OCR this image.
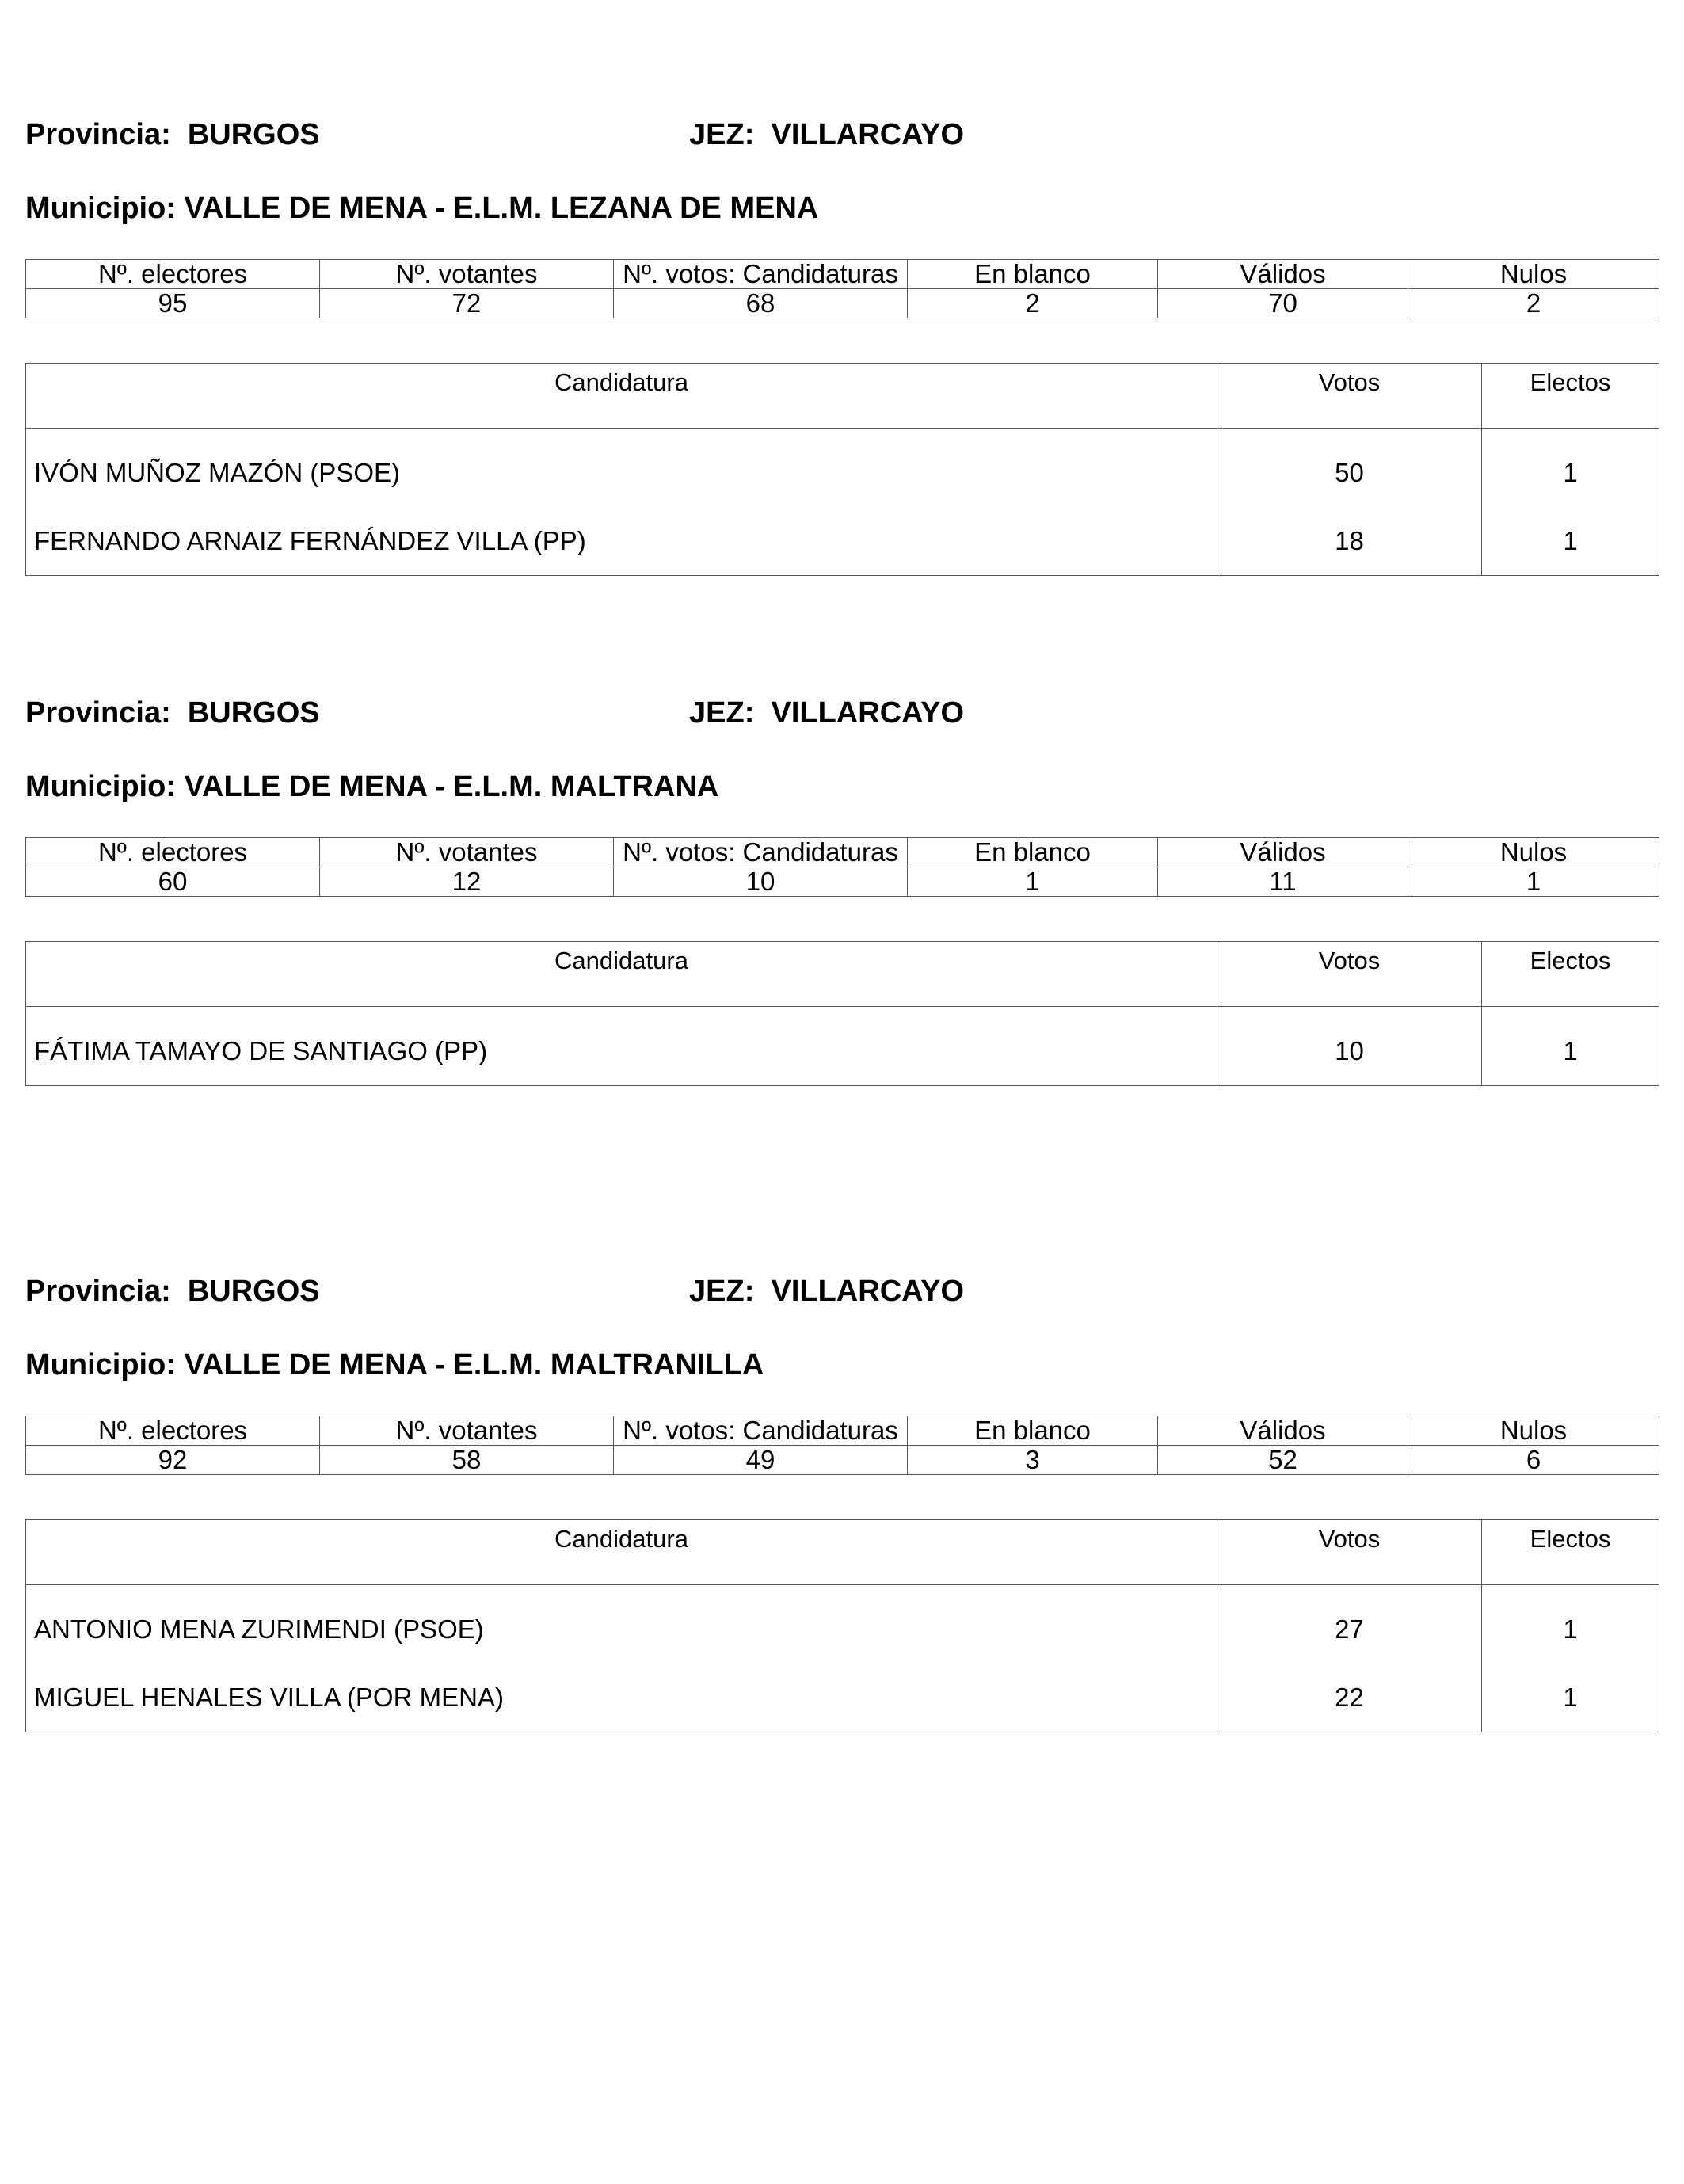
Provincia: BURGOS	JEZ: VILLARCAYO
Municipio: VALLE DE MENA - E.L.M. LEZANA DE MENA
Nº. electores	Nº. votantes	Nº. votos: Candidaturas	En blanco	Válidos	Nulos
95	72	68	2	70	2
Candidatura	Votos	Electos
IVÓN MUÑOZ MAZÓN (PSOE)	50	1
FERNANDO ARNAIZ FERNÁNDEZ VILLA (PP)	18	1
Provincia: BURGOS	JEZ: VILLARCAYO
Municipio: VALLE DE MENA - E.L.M. MALTRANA
Nº. electores	Nº. votantes	Nº. votos: Candidaturas	En blanco	Válidos	Nulos
60	12	10	1	11	1
Candidatura	Votos	Electos
FÁTIMA TAMAYO DE SANTIAGO (PP)	10	1
Provincia: BURGOS	JEZ: VILLARCAYO
Municipio: VALLE DE MENA - E.L.M. MALTRANILLA
Nº. electores	Nº. votantes	Nº. votos: Candidaturas	En blanco	Válidos	Nulos
92	58	49	3	52	6
Candidatura	Votos	Electos
ANTONIO MENA ZURIMENDI (PSOE)	27	1
MIGUEL HENALES VILLA (POR MENA)	22	1
